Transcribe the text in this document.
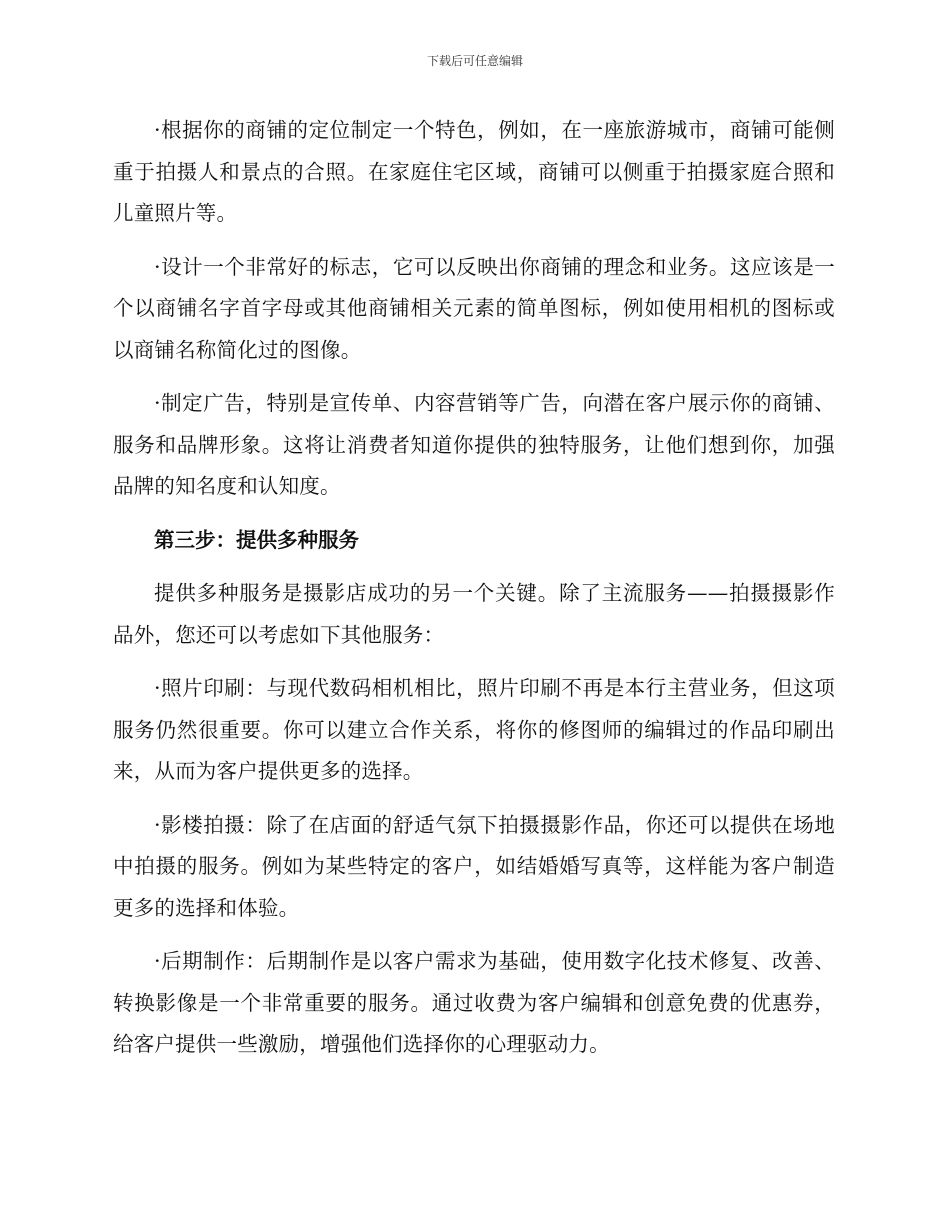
下载后可任意编辑

·根据你的商铺的定位制定一个特色，例如，在一座旅游城市，商铺可能侧重于拍摄人和景点的合照。在家庭住宅区域，商铺可以侧重于拍摄家庭合照和儿童照片等。

·设计一个非常好的标志，它可以反映出你商铺的理念和业务。这应该是一个以商铺名字首字母或其他商铺相关元素的简单图标，例如使用相机的图标或以商铺名称简化过的图像。

·制定广告，特别是宣传单、内容营销等广告，向潜在客户展示你的商铺、服务和品牌形象。这将让消费者知道你提供的独特服务，让他们想到你，加强品牌的知名度和认知度。

第三步：提供多种服务

提供多种服务是摄影店成功的另一个关键。除了主流服务——拍摄摄影作品外，您还可以考虑如下其他服务：

·照片印刷：与现代数码相机相比，照片印刷不再是本行主营业务，但这项服务仍然很重要。你可以建立合作关系，将你的修图师的编辑过的作品印刷出来，从而为客户提供更多的选择。

·影楼拍摄：除了在店面的舒适气氛下拍摄摄影作品，你还可以提供在场地中拍摄的服务。例如为某些特定的客户，如结婚婚写真等，这样能为客户制造更多的选择和体验。

·后期制作：后期制作是以客户需求为基础，使用数字化技术修复、改善、转换影像是一个非常重要的服务。通过收费为客户编辑和创意免费的优惠券，给客户提供一些激励，增强他们选择你的心理驱动力。
